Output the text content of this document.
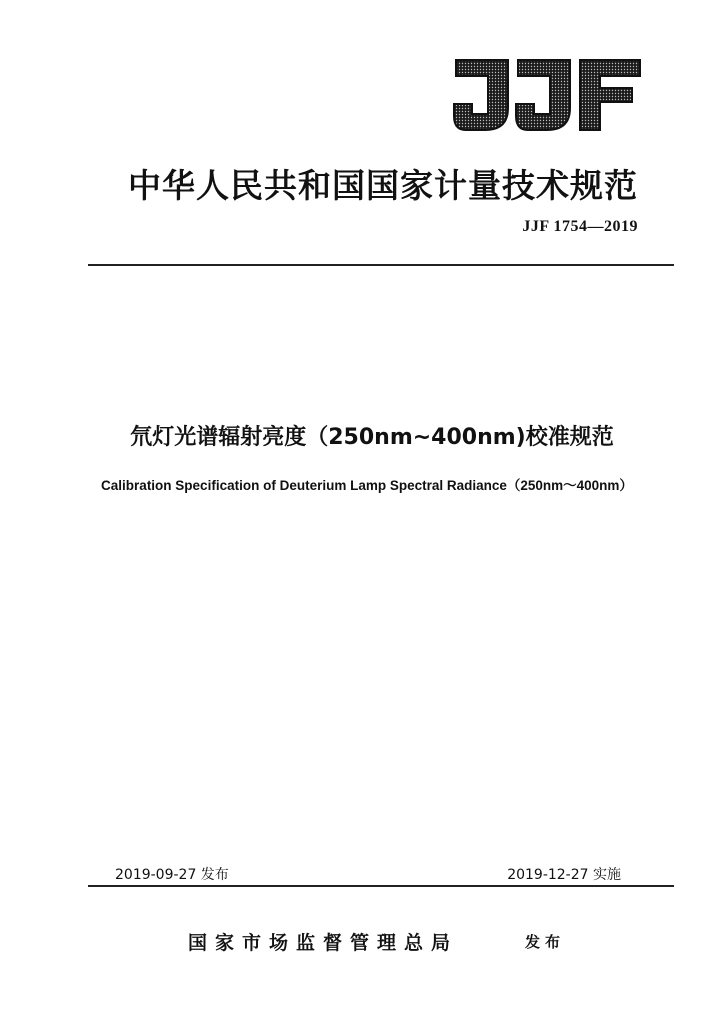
中华人民共和国国家计量技术规范
JJF 1754—2019
氘灯光谱辐射亮度（250nm~400nm)校准规范
Calibration Specification of Deuterium Lamp Spectral Radiance（250nm～400nm）
2019-09-27 发布	2019-12-27 实施
国家市场监督管理总局	发布
